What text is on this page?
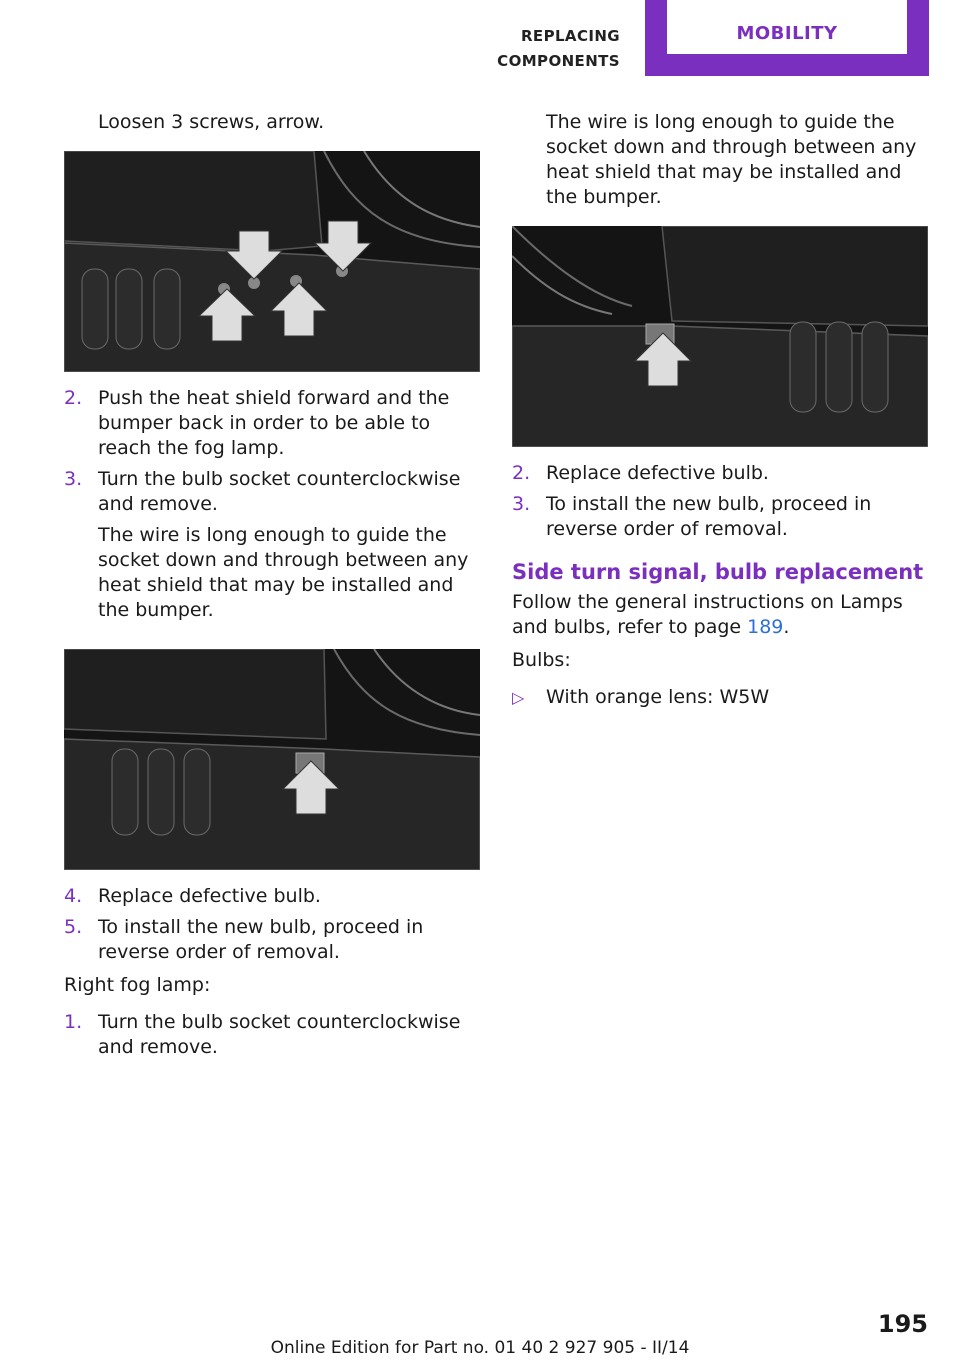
REPLACING COMPONENTS
MOBILITY

Loosen 3 screws, arrow.

2. Push the heat shield forward and the bumper back in order to be able to reach the fog lamp.
3. Turn the bulb socket counterclockwise and remove.

The wire is long enough to guide the socket down and through between any heat shield that may be installed and the bumper.

4. Replace defective bulb.
5. To install the new bulb, proceed in reverse order of removal.

Right fog lamp:

1. Turn the bulb socket counterclockwise and remove.

The wire is long enough to guide the socket down and through between any heat shield that may be installed and the bumper.

2. Replace defective bulb.
3. To install the new bulb, proceed in reverse order of removal.

Side turn signal, bulb replacement

Follow the general instructions on Lamps and bulbs, refer to page 189.

Bulbs:

▷ With orange lens: W5W
195
Online Edition for Part no. 01 40 2 927 905 - II/14
